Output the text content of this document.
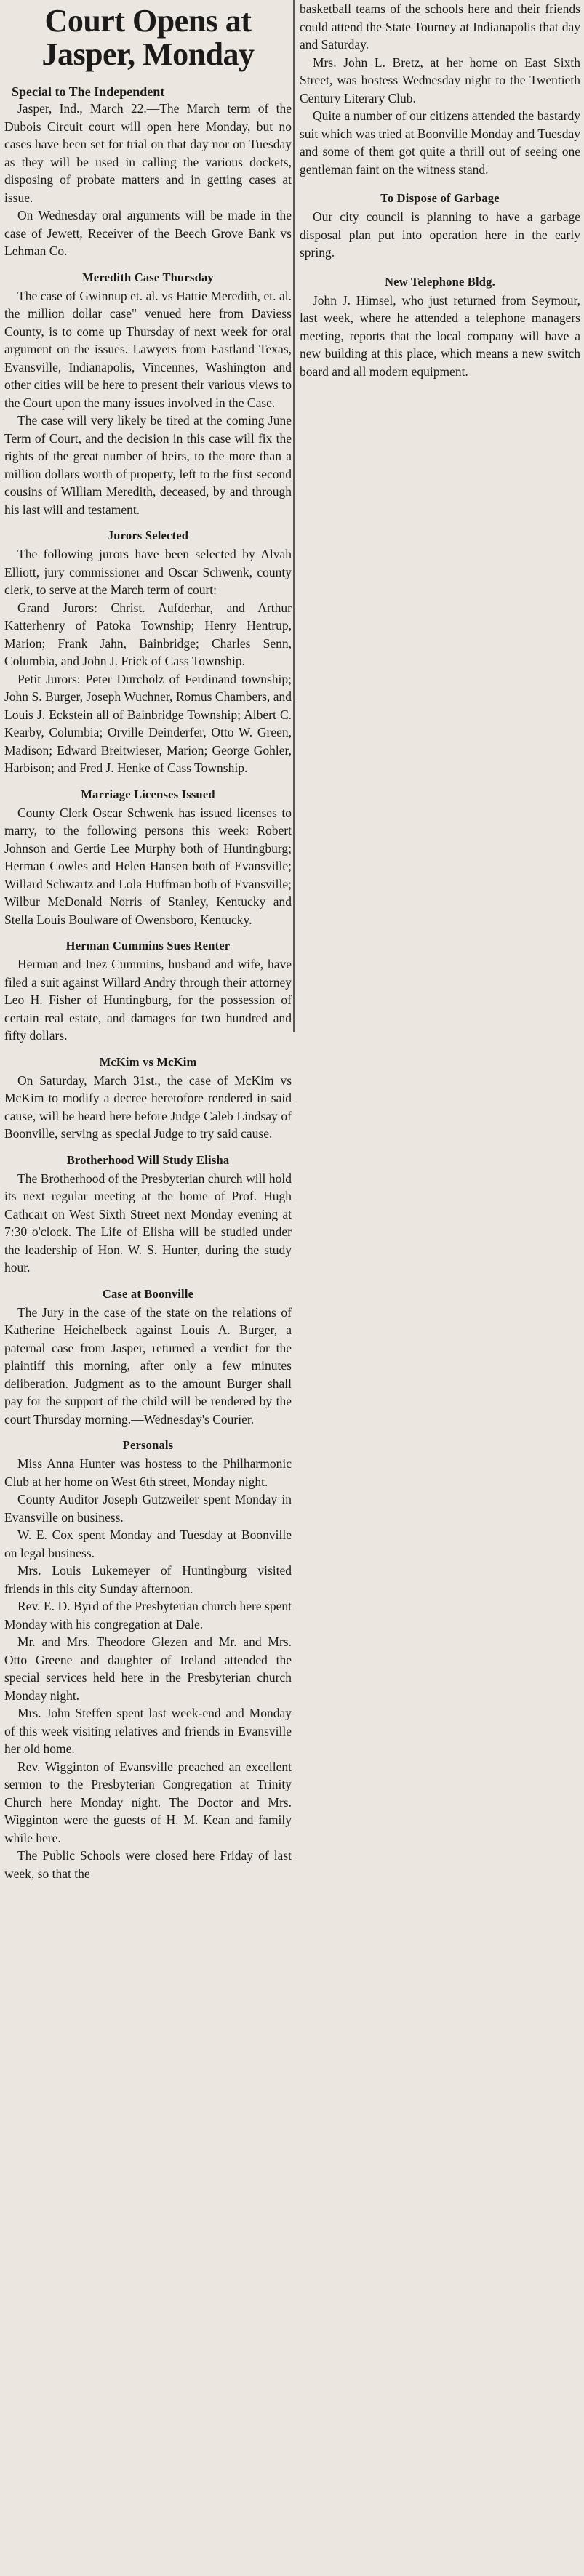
Court Opens at
Jasper, Monday
Special to The Independent

Jasper, Ind., March 22.—The March term of the Dubois Circuit court will open here Monday, but no cases have been set for trial on that day nor on Tuesday as they will be used in calling the various dockets, disposing of probate matters and in getting cases at issue.

On Wednesday oral arguments will be made in the case of Jewett, Receiver of the Beech Grove Bank vs Lehman Co.

Meredith Case Thursday

The case of Gwinnup et. al. vs Hattie Meredith, et. al. the million dollar case" venued here from Daviess County, is to come up Thursday of next week for oral argument on the issues. Lawyers from Eastland Texas, Evansville, Indianapolis, Vincennes, Washington and other cities will be here to present their various views to the Court upon the many issues involved in the Case.

The case will very likely be tired at the coming June Term of Court, and the decision in this case will fix the rights of the great number of heirs, to the more than a million dollars worth of property, left to the first second cousins of William Meredith, deceased, by and through his last will and testament.

Jurors Selected

The following jurors have been selected by Alvah Elliott, jury commissioner and Oscar Schwenk, county clerk, to serve at the March term of court:

Grand Jurors: Christ. Aufderhar, and Arthur Katterhenry of Patoka Township; Henry Hentrup, Marion; Frank Jahn, Bainbridge; Charles Senn, Columbia, and John J. Frick of Cass Township.

Petit Jurors: Peter Durcholz of Ferdinand township; John S. Burger, Joseph Wuchner, Romus Chambers, and Louis J. Eckstein all of Bainbridge Township; Albert C. Kearby, Columbia; Orville Deinderfer, Otto W. Green, Madison; Edward Breitwieser, Marion; George Gohler, Harbison; and Fred J. Henke of Cass Township.

Marriage Licenses Issued

County Clerk Oscar Schwenk has issued licenses to marry, to the following persons this week: Robert Johnson and Gertie Lee Murphy both of Huntingburg; Herman Cowles and Helen Hansen both of Evansville; Willard Schwartz and Lola Huffman both of Evansville; Wilbur McDonald Norris of Stanley, Kentucky and Stella Louis Boulware of Owensboro, Kentucky.

Herman Cummins Sues Renter

Herman and Inez Cummins, husband and wife, have filed a suit against Willard Andry through their attorney Leo H. Fisher of Huntingburg, for the possession of certain real estate, and damages for two hundred and fifty dollars.

McKim vs McKim

On Saturday, March 31st., the case of McKim vs McKim to modify a decree heretofore rendered in said cause, will be heard here before Judge Caleb Lindsay of Boonville, serving as special Judge to try said cause.

Brotherhood Will Study Elisha

The Brotherhood of the Presbyterian church will hold its next regular meeting at the home of Prof. Hugh Cathcart on West Sixth Street next Monday evening at 7:30 o'clock. The Life of Elisha will be studied under the leadership of Hon. W. S. Hunter, during the study hour.

Case at Boonville

The Jury in the case of the state on the relations of Katherine Heichelbeck against Louis A. Burger, a paternal case from Jasper, returned a verdict for the plaintiff this morning, after only a few minutes deliberation. Judgment as to the amount Burger shall pay for the support of the child will be rendered by the court Thursday morning.—Wednesday's Courier.

Personals

Miss Anna Hunter was hostess to the Philharmonic Club at her home on West 6th street, Monday night.

County Auditor Joseph Gutzweiler spent Monday in Evansville on business.

W. E. Cox spent Monday and Tuesday at Boonville on legal business.

Mrs. Louis Lukemeyer of Huntingburg visited friends in this city Sunday afternoon.

Rev. E. D. Byrd of the Presbyterian church here spent Monday with his congregation at Dale.

Mr. and Mrs. Theodore Glezen and Mr. and Mrs. Otto Greene and daughter of Ireland attended the special services held here in the Presbyterian church Monday night.

Mrs. John Steffen spent last week-end and Monday of this week visiting relatives and friends in Evansville her old home.

Rev. Wigginton of Evansville preached an excellent sermon to the Presbyterian Congregation at Trinity Church here Monday night. The Doctor and Mrs. Wigginton were the guests of H. M. Kean and family while here.

The Public Schools were closed here Friday of last week, so that the

basketball teams of the schools here and their friends could attend the State Tourney at Indianapolis that day and Saturday.

Mrs. John L. Bretz, at her home on East Sixth Street, was hostess Wednesday night to the Twentieth Century Literary Club.

Quite a number of our citizens attended the bastardy suit which was tried at Boonville Monday and Tuesday and some of them got quite a thrill out of seeing one gentleman faint on the witness stand.

To Dispose of Garbage

Our city council is planning to have a garbage disposal plan put into operation here in the early spring.

New Telephone Bldg.

John J. Himsel, who just returned from Seymour, last week, where he attended a telephone managers meeting, reports that the local company will have a new building at this place, which means a new switch board and all modern equipment.
